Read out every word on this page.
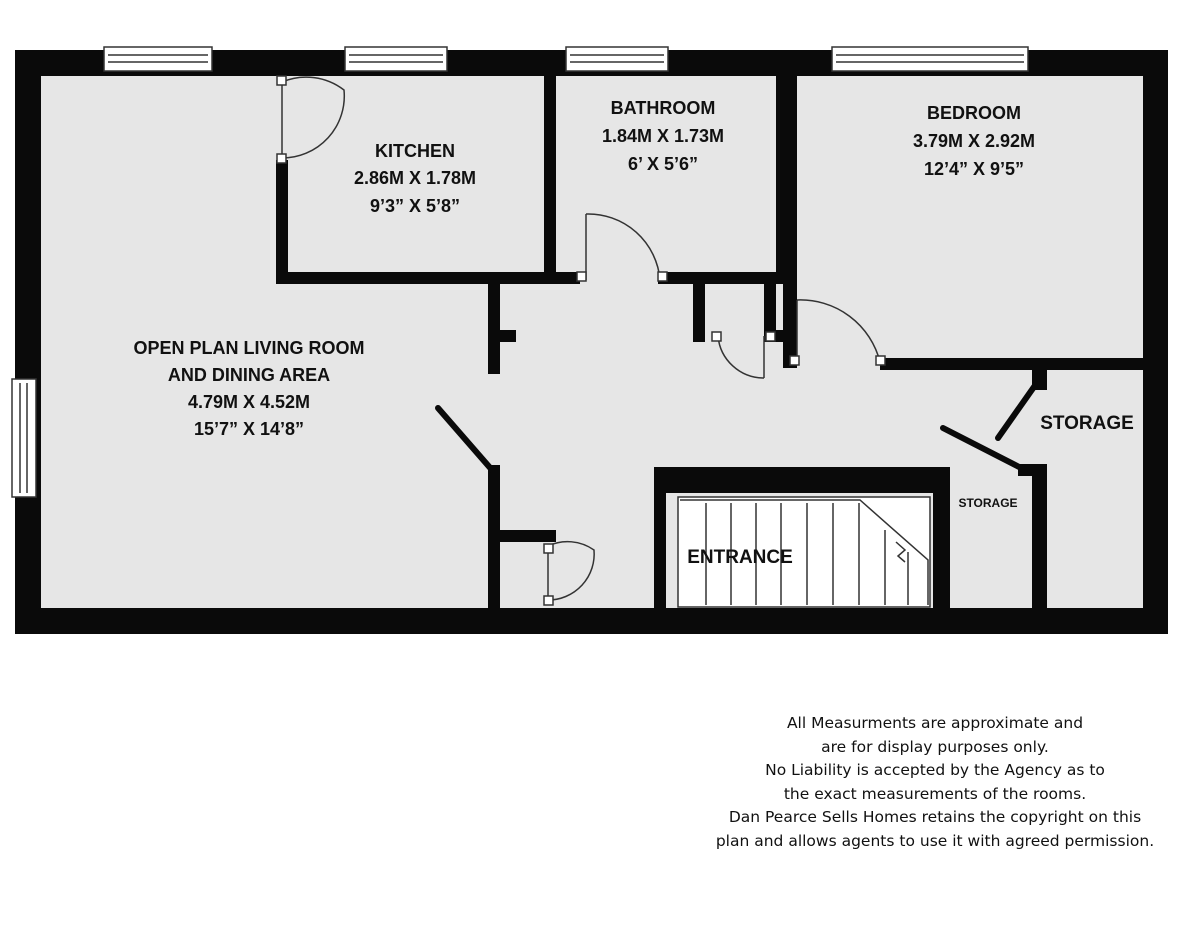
KITCHEN
2.86M X 1.78M
9’3” X 5’8”
BATHROOM
1.84M X 1.73M
6’ X 5’6”
BEDROOM
3.79M X 2.92M
12’4” X 9’5”
OPEN PLAN LIVING ROOM
AND DINING AREA
4.79M X 4.52M
15’7” X 14’8”	STORAGE
STORAGE
ENTRANCE
All Measurments are approximate and
are for display purposes only.
No Liability is accepted by the Agency as to
the exact measurements of the rooms.
Dan Pearce Sells Homes retains the copyright on this
plan and allows agents to use it with agreed permission.
